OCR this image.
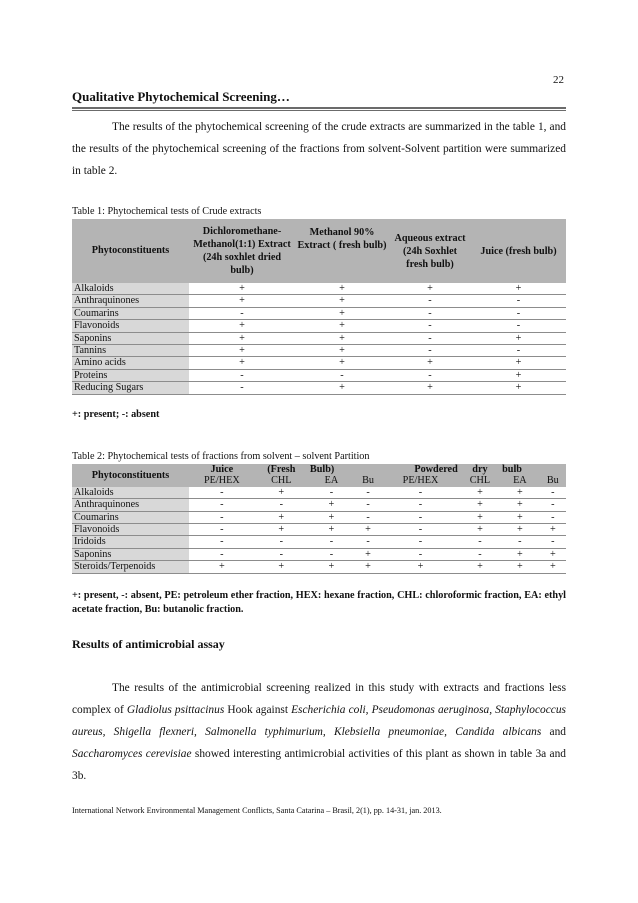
22
Qualitative Phytochemical Screening…

The results of the phytochemical screening of the crude extracts are summarized in the table 1, and the results of the phytochemical screening of the fractions from solvent-Solvent partition were summarized in table 2.

Table 1: Phytochemical tests of Crude extracts
Phytoconstituents	Dichloromethane-Methanol(1:1) Extract (24h soxhlet dried bulb)	Methanol 90% Extract ( fresh bulb)	Aqueous extract (24h Soxhlet fresh bulb)	Juice (fresh bulb)
Alkaloids	+	+	+	+
Anthraquinones	+	+	-	-
Coumarins	-	+	-	-
Flavonoids	+	+	-	-
Saponins	+	+	-	+
Tannins	+	+	-	-
Amino acids	+	+	+	+
Proteins	-	-	-	+
Reducing Sugars	-	+	+	+
+: present; -: absent
Table 2: Phytochemical tests of fractions from solvent – solvent Partition
Phytoconstituents	Juice	(Fresh	Bulb)		Powdered	dry	bulb	
	PE/HEX	CHL	EA	Bu	PE/HEX	CHL	EA	Bu
Alkaloids	-	+	-	-	-	+	+	-
Anthraquinones	-	-	+	-	-	+	+	-
Coumarins	-	+	+	-	-	+	+	-
Flavonoids	-	+	+	+	-	+	+	+
Iridoids	-	-	-	-	-	-	-	-
Saponins	-	-	-	+	-	-	+	+
Steroids/Terpenoids	+	+	+	+	+	+	+	+
+: present, -: absent, PE: petroleum ether fraction, HEX: hexane fraction, CHL: chloroformic fraction, EA: ethyl acetate fraction, Bu: butanolic fraction.
Results of antimicrobial assay

The results of the antimicrobial screening realized in this study with extracts and fractions less complex of Gladiolus psittacinus Hook against Escherichia coli, Pseudomonas aeruginosa, Staphylococcus aureus, Shigella flexneri, Salmonella typhimurium, Klebsiella pneumoniae, Candida albicans and Saccharomyces cerevisiae showed interesting antimicrobial activities of this plant as shown in table 3a and 3b.

International Network Environmental Management Conflicts, Santa Catarina – Brasil, 2(1), pp. 14-31, jan. 2013.
